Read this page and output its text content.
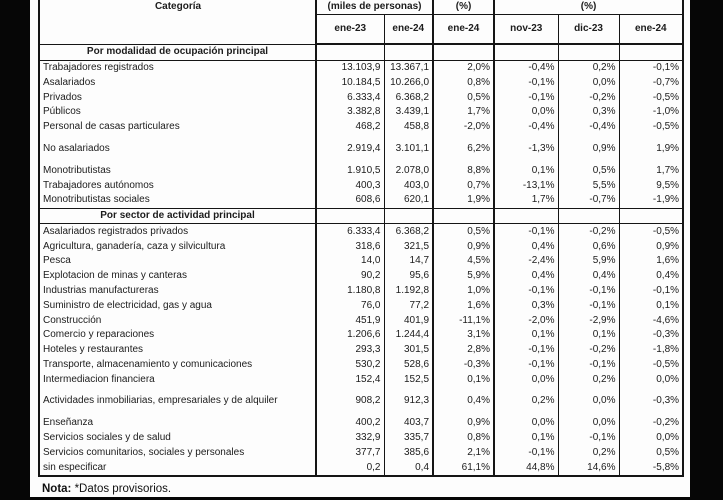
Categoría	(miles de personas)		(%)	(%)		
	ene-23	ene-24	ene-24	nov-23	dic-23	ene-24
Por modalidad de ocupación principal						
Trabajadores registrados	13.103,9	13.367,1	2,0%	-0,4%	0,2%	-0,1%
Asalariados	10.184,5	10.266,0	0,8%	-0,1%	0,0%	-0,7%
Privados	6.333,4	6.368,2	0,5%	-0,1%	-0,2%	-0,5%
Públicos	3.382,8	3.439,1	1,7%	0,0%	0,3%	-1,0%
Personal de casas particulares	468,2	458,8	-2,0%	-0,4%	-0,4%	-0,5%
No asalariados	2.919,4	3.101,1	6,2%	-1,3%	0,9%	1,9%
Monotributistas	1.910,5	2.078,0	8,8%	0,1%	0,5%	1,7%
Trabajadores autónomos	400,3	403,0	0,7%	-13,1%	5,5%	9,5%
Monotributistas sociales	608,6	620,1	1,9%	1,7%	-0,7%	-1,9%
Por sector de actividad principal						
Asalariados registrados privados	6.333,4	6.368,2	0,5%	-0,1%	-0,2%	-0,5%
Agricultura, ganadería, caza y silvicultura	318,6	321,5	0,9%	0,4%	0,6%	0,9%
Pesca	14,0	14,7	4,5%	-2,4%	5,9%	1,6%
Explotacion de minas y canteras	90,2	95,6	5,9%	0,4%	0,4%	0,4%
Industrias manufactureras	1.180,8	1.192,8	1,0%	-0,1%	-0,1%	-0,1%
Suministro de electricidad, gas y agua	76,0	77,2	1,6%	0,3%	-0,1%	0,1%
Construcción	451,9	401,9	-11,1%	-2,0%	-2,9%	-4,6%
Comercio y reparaciones	1.206,6	1.244,4	3,1%	0,1%	0,1%	-0,3%
Hoteles y restaurantes	293,3	301,5	2,8%	-0,1%	-0,2%	-1,8%
Transporte, almacenamiento y comunicaciones	530,2	528,6	-0,3%	-0,1%	-0,1%	-0,5%
Intermediacion financiera	152,4	152,5	0,1%	0,0%	0,2%	0,0%
Actividades inmobiliarias, empresariales y de alquiler	908,2	912,3	0,4%	0,2%	0,0%	-0,3%
Enseñanza	400,2	403,7	0,9%	0,0%	0,0%	-0,2%
Servicios sociales y de salud	332,9	335,7	0,8%	0,1%	-0,1%	0,0%
Servicios comunitarios, sociales y personales	377,7	385,6	2,1%	-0,1%	0,2%	0,5%
sin especificar	0,2	0,4	61,1%	44,8%	14,6%	-5,8%
Nota: *Datos provisorios.
